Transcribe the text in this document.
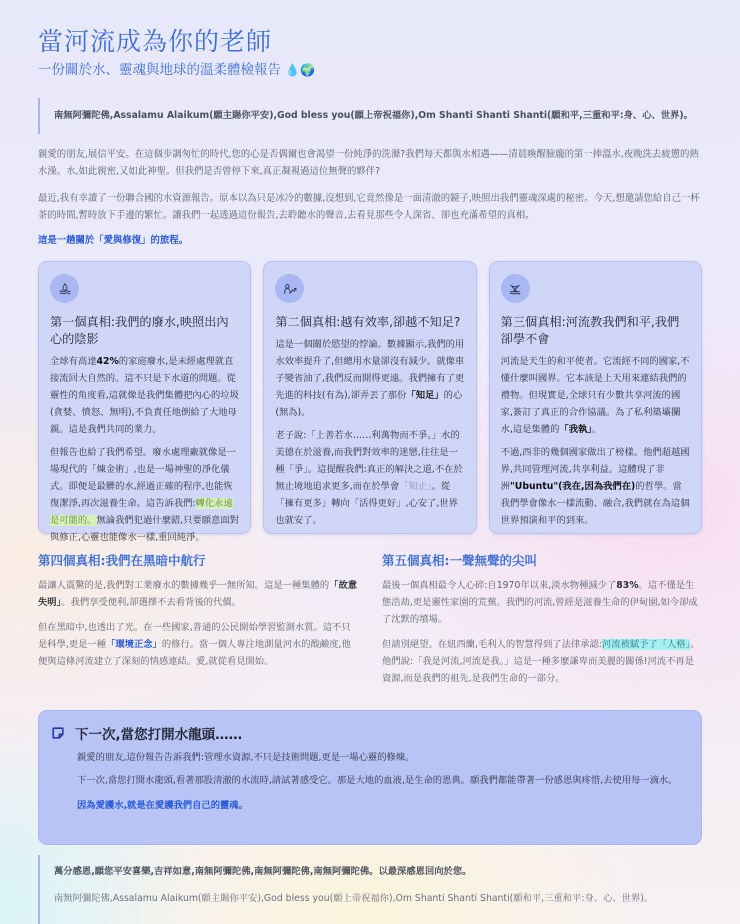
當河流成為你的老師
一份關於水、靈魂與地球的溫柔體檢報告 💧🌍
南無阿彌陀佛,Assalamu Alaikum(願主賜你平安),God bless you(願上帝祝福你),Om Shanti Shanti Shanti(願和平,三重和平:身、心、世界)。

親愛的朋友,展信平安。在這個步調匆忙的時代,您的心是否偶爾也會渴望一份純淨的洗滌?我們每天都與水相遇——清晨喚醒臉龐的第一捧溫水,夜晚洗去疲憊的熱水澡。水,如此親密,又如此神聖。但我們是否曾停下來,真正凝視過這位無聲的夥伴?

最近,我有幸讀了一份聯合國的水資源報告。原本以為只是冰冷的數據,沒想到,它竟然像是一面清澈的鏡子,映照出我們靈魂深處的秘密。今天,想邀請您給自己一杯茶的時間,暫時放下手邊的繁忙。讓我們一起透過這份報告,去聆聽水的聲音,去看見那些令人深省、卻也充滿希望的真相。

這是一趟關於「愛與修復」的旅程。

第一個真相:我們的廢水,映照出內心的陰影

全球有高達42%的家庭廢水,是未經處理就直接流回大自然的。這不只是下水道的問題。從靈性的角度看,這就像是我們集體把內心的垃圾(貪婪、憤怒、無明),不負責任地倒給了大地母親。這是我們共同的業力。

但報告也給了我們希望。廢水處理廠就像是一場現代的「煉金術」,也是一場神聖的淨化儀式。即便是最髒的水,經過正確的程序,也能恢復潔淨,再次滋養生命。這告訴我們:轉化永遠是可能的。無論我們犯過什麼錯,只要願意面對與修正,心靈也能像水一樣,重回純淨。

第二個真相:越有效率,卻越不知足?

這是一個關於慾望的悖論。數據顯示,我們的用水效率提升了,但總用水量卻沒有減少。就像車子變省油了,我們反而開得更遠。我們擁有了更先進的科技(有為),卻弄丟了那份「知足」的心(無為)。

老子說:「上善若水……利萬物而不爭。」水的美德在於滋養,而我們對效率的迷戀,往往是一種「爭」。這提醒我們:真正的解決之道,不在於無止境地追求更多,而在於學會「知止」。從「擁有更多」轉向「活得更好」,心安了,世界也就安了。

第三個真相:河流教我們和平,我們卻學不會

河流是天生的和平使者。它流經不同的國家,不懂什麼叫國界。它本該是上天用來連結我們的禮物。但現實是,全球只有少數共享河流的國家,簽訂了真正的合作協議。為了私利築壩攔水,這是集體的「我執」。

不過,西非的幾個國家做出了榜樣。他們超越國界,共同管理河流,共享利益。這體現了非洲"Ubuntu"(我在,因為我們在)的哲學。當我們學會像水一樣流動、融合,我們就在為這個世界預演和平的到來。

第四個真相:我們在黑暗中航行

最讓人震驚的是,我們對工業廢水的數據幾乎一無所知。這是一種集體的「故意失明」。我們享受便利,卻選擇不去看背後的代價。

但在黑暗中,也透出了光。在一些國家,普通的公民開始學習監測水質。這不只是科學,更是一種「環境正念」的修行。當一個人專注地測量河水的酸鹼度,他便與這條河流建立了深刻的情感連結。愛,就從看見開始。

第五個真相:一聲無聲的尖叫

最後一個真相最令人心碎:自1970年以來,淡水物種減少了83%。這不僅是生態浩劫,更是靈性家園的荒蕪。我們的河流,曾經是滋養生命的伊甸園,如今卻成了沈默的墳場。

但請別絕望。在紐西蘭,毛利人的智慧得到了法律承認:河流被賦予了「人格」。他們說:「我是河流,河流是我。」這是一種多麼謙卑而美麗的關係!河流不再是資源,而是我們的祖先,是我們生命的一部分。

下一次,當您打開水龍頭……

親愛的朋友,這份報告告訴我們:管理水資源,不只是技術問題,更是一場心靈的修煉。

下一次,當您打開水龍頭,看著那股清澈的水流時,請試著感受它。那是大地的血液,是生命的恩典。願我們都能帶著一份感恩與疼惜,去使用每一滴水。

因為愛護水,就是在愛護我們自己的靈魂。

萬分感恩,願您平安喜樂,吉祥如意,南無阿彌陀佛,南無阿彌陀佛,南無阿彌陀佛。以最深感恩回向於您。

南無阿彌陀佛,Assalamu Alaikum(願主賜你平安),God bless you(願上帝祝福你),Om Shanti Shanti Shanti(願和平,三重和平:身、心、世界)。
